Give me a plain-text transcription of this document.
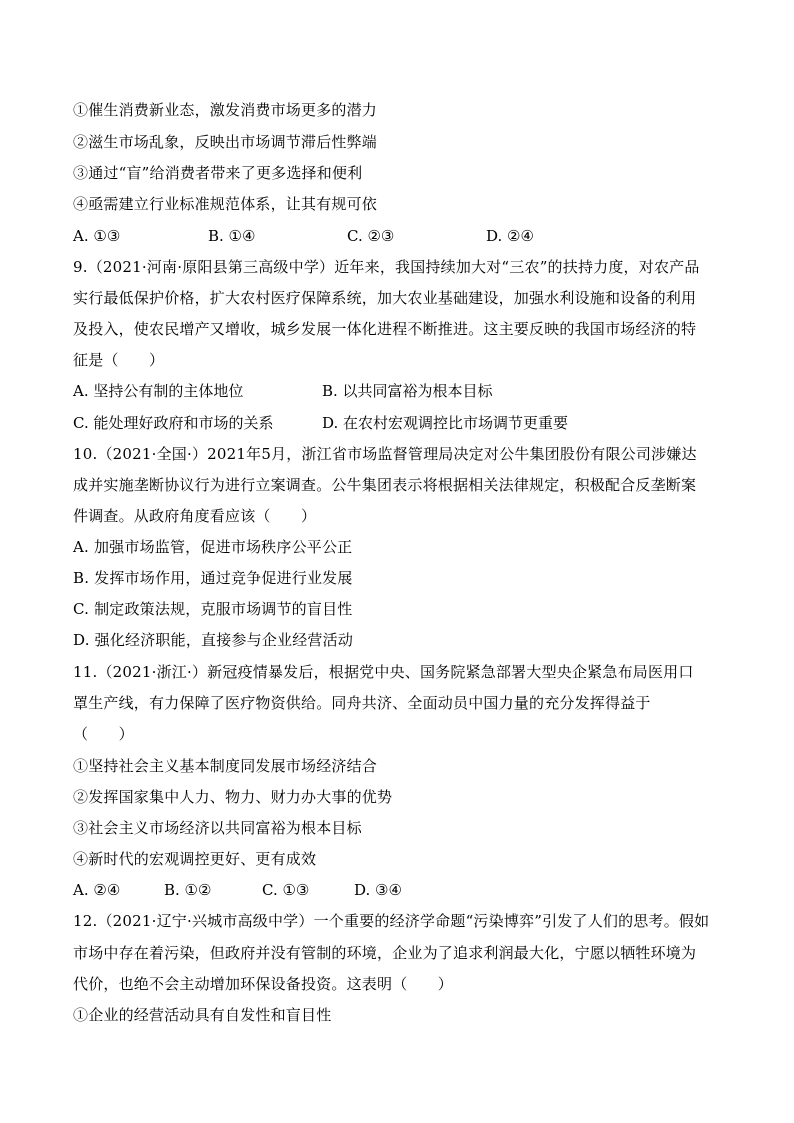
①催生消费新业态，激发消费市场更多的潜力
②滋生市场乱象，反映出市场调节滞后性弊端
③通过“盲”给消费者带来了更多选择和便利
④亟需建立行业标准规范体系，让其有规可依
A. ①③	B. ①④	C. ②③	D. ②④
9.（2021·河南·原阳县第三高级中学）近年来，我国持续加大对“三农”的扶持力度，对农产品
实行最低保护价格，扩大农村医疗保障系统，加大农业基础建设，加强水利设施和设备的利用
及投入，使农民增产又增收，城乡发展一体化进程不断推进。这主要反映的我国市场经济的特
征是（　　）
A. 坚持公有制的主体地位	B. 以共同富裕为根本目标
C. 能处理好政府和市场的关系	D. 在农村宏观调控比市场调节更重要
10.（2021·全国·）2021年5月，浙江省市场监督管理局决定对公牛集团股份有限公司涉嫌达
成并实施垄断协议行为进行立案调查。公牛集团表示将根据相关法律规定，积极配合反垄断案
件调查。从政府角度看应该（　　）
A. 加强市场监管，促进市场秩序公平公正
B. 发挥市场作用，通过竞争促进行业发展
C. 制定政策法规，克服市场调节的盲目性
D. 强化经济职能，直接参与企业经营活动
11.（2021·浙江·）新冠疫情暴发后，根据党中央、国务院紧急部署大型央企紧急布局医用口
罩生产线，有力保障了医疗物资供给。同舟共济、全面动员中国力量的充分发挥得益于
（　　）
①坚持社会主义基本制度同发展市场经济结合
②发挥国家集中人力、物力、财力办大事的优势
③社会主义市场经济以共同富裕为根本目标
④新时代的宏观调控更好、更有成效
A. ②④	B. ①②	C. ①③	D. ③④
12.（2021·辽宁·兴城市高级中学）一个重要的经济学命题“污染博弈”引发了人们的思考。假如
市场中存在着污染，但政府并没有管制的环境，企业为了追求利润最大化，宁愿以牺牲环境为
代价，也绝不会主动增加环保设备投资。这表明（　　）
①企业的经营活动具有自发性和盲目性
